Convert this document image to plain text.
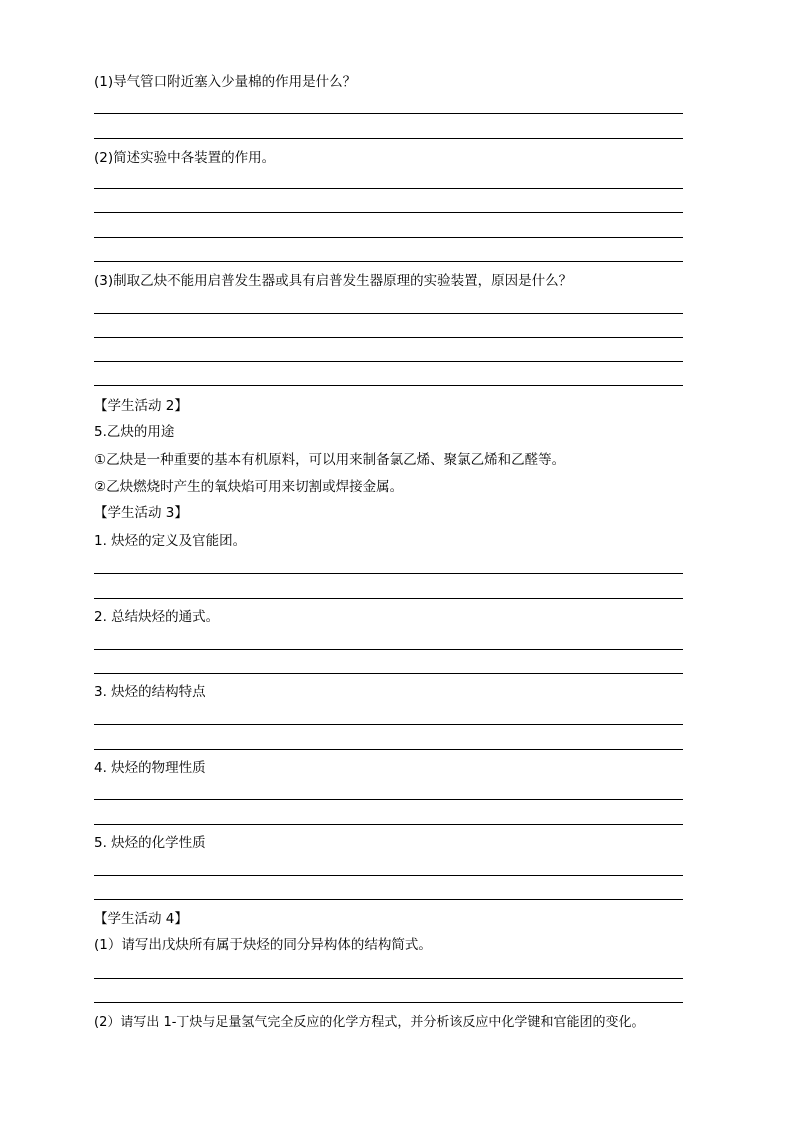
(1)导气管口附近塞入少量棉的作用是什么？
(2)简述实验中各装置的作用。
(3)制取乙炔不能用启普发生器或具有启普发生器原理的实验装置，原因是什么？
【学生活动 2】
5.乙炔的用途
①乙炔是一种重要的基本有机原料，可以用来制备氯乙烯、聚氯乙烯和乙醛等。
②乙炔燃烧时产生的氧炔焰可用来切割或焊接金属。
【学生活动 3】
1. 炔烃的定义及官能团。
2. 总结炔烃的通式。
3. 炔烃的结构特点
4. 炔烃的物理性质
5. 炔烃的化学性质
【学生活动 4】
(1）请写出戊炔所有属于炔烃的同分异构体的结构简式。
(2）请写出 1-丁炔与足量氢气完全反应的化学方程式，并分析该反应中化学键和官能团的变化。
